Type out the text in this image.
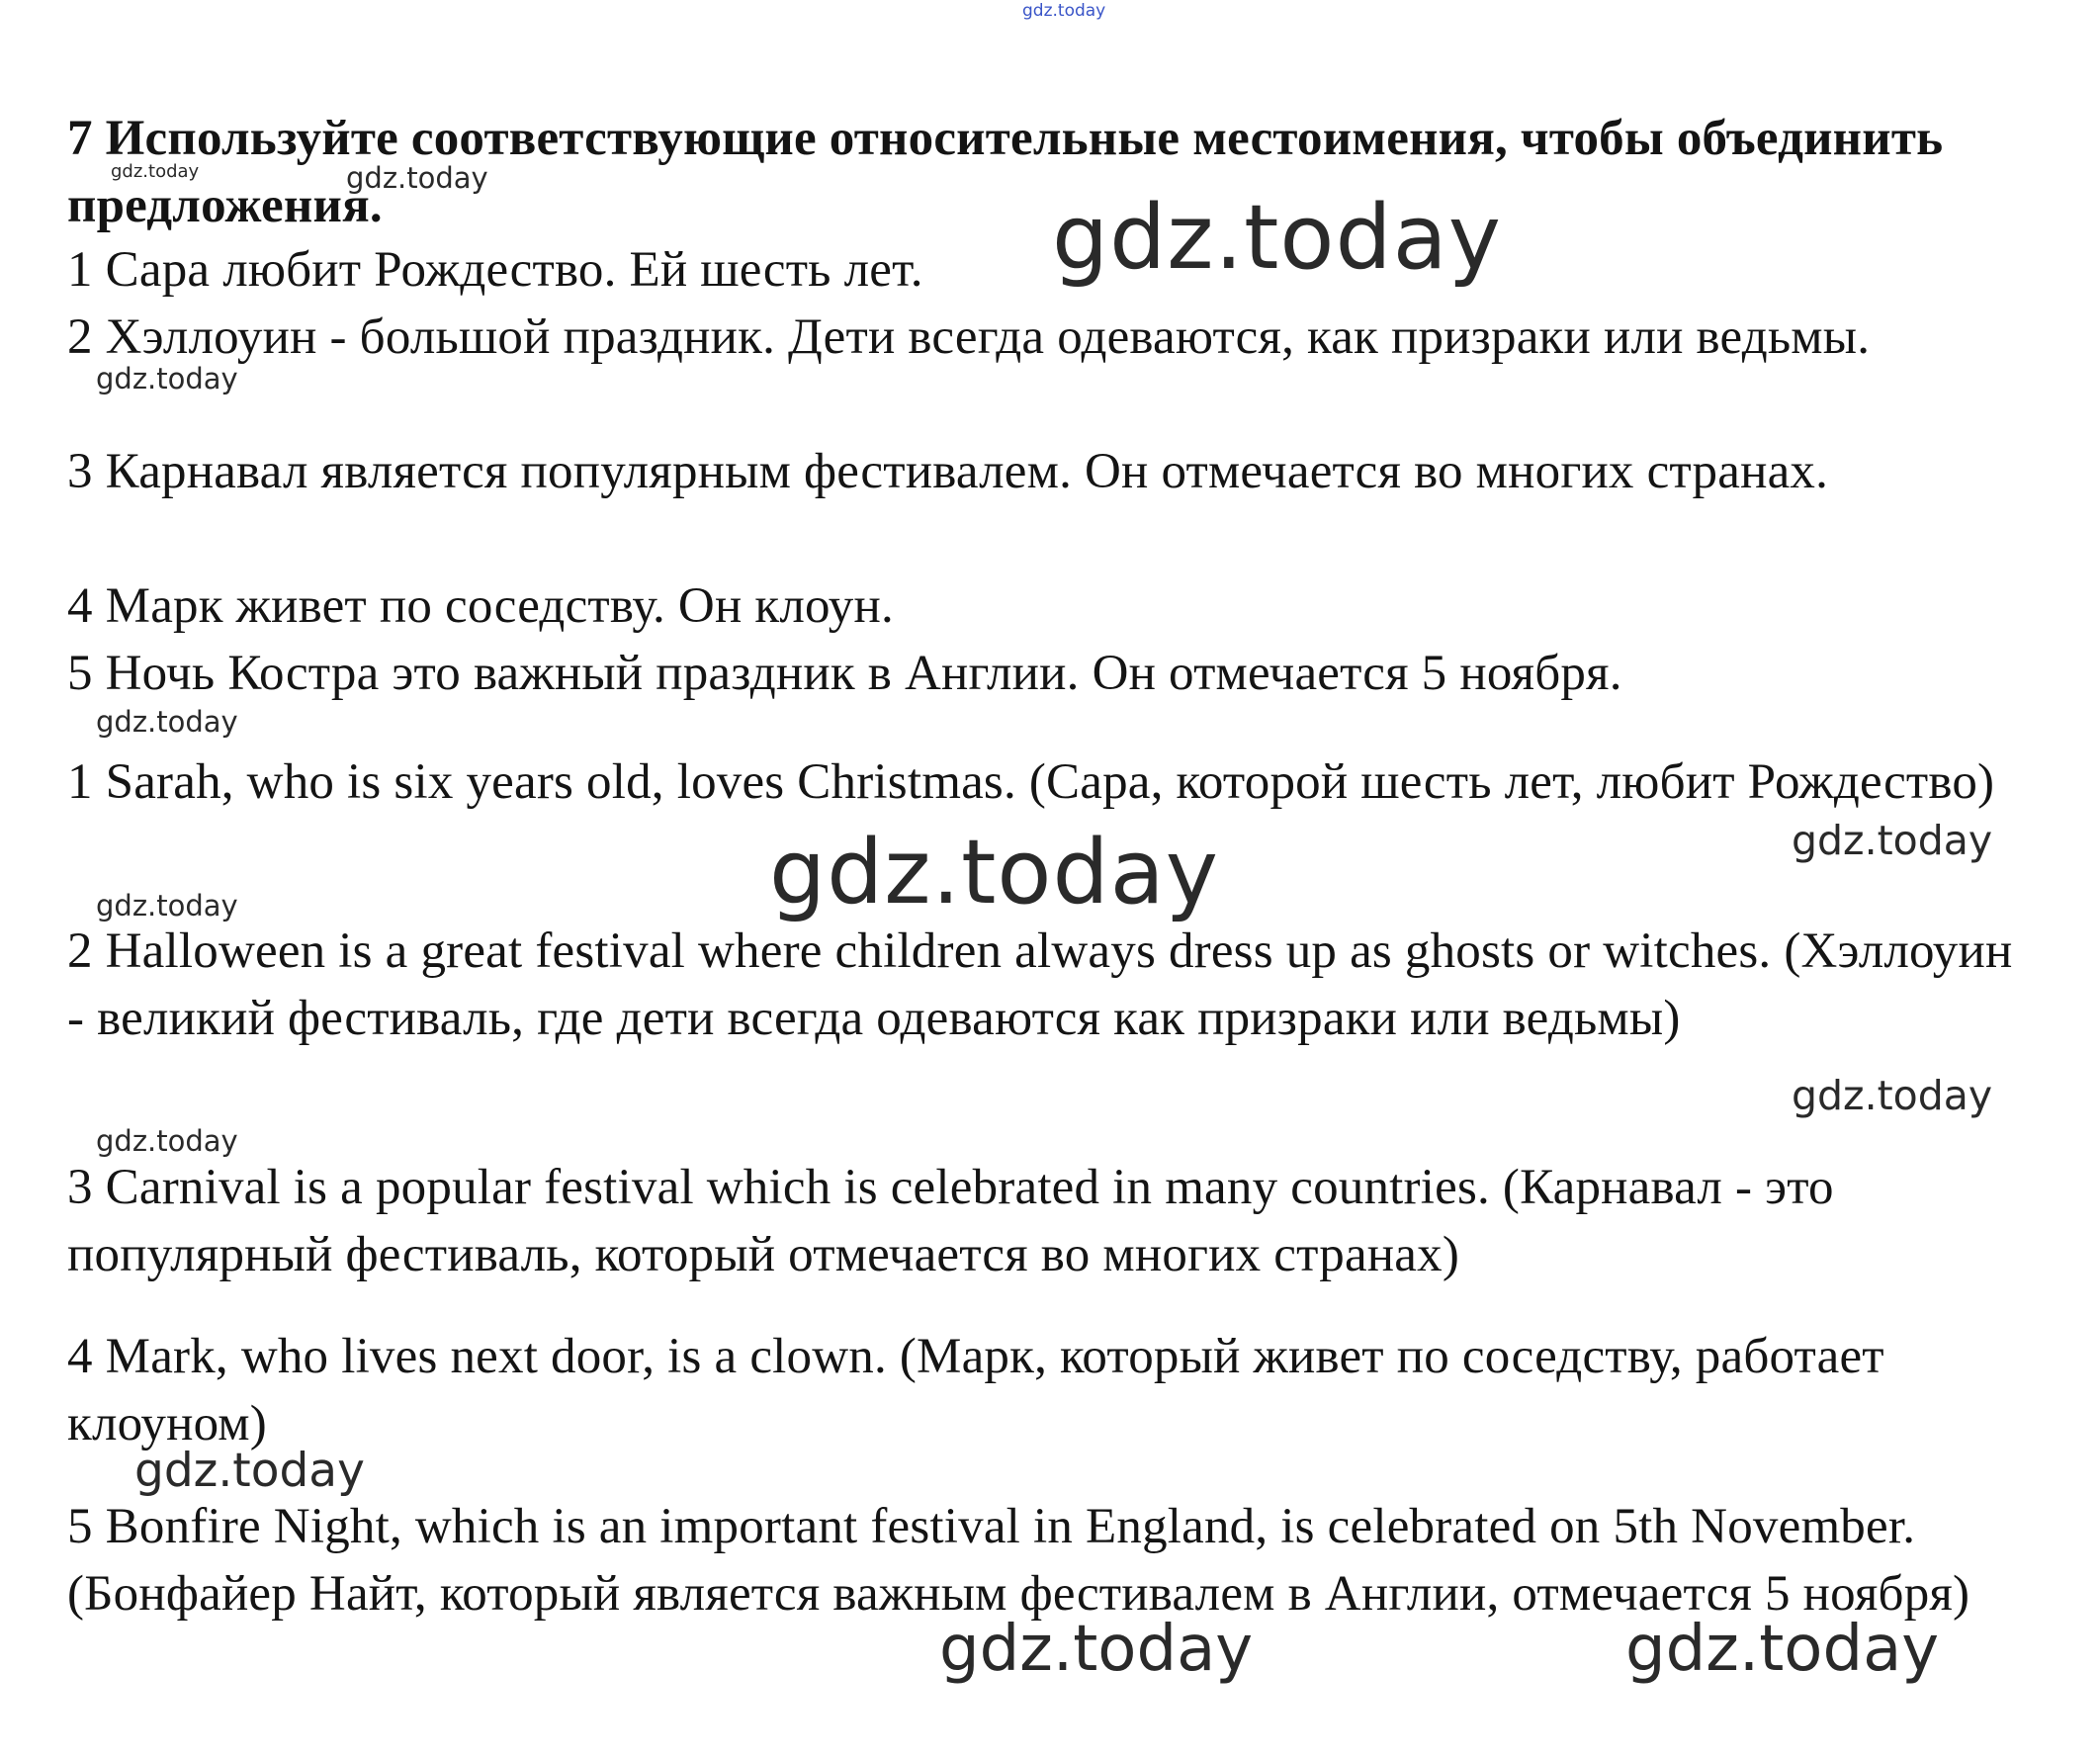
7 Используйте соответствующие относительные местоимения, чтобы объединить предложения.

1 Сара любит Рождество. Ей шесть лет.

2 Хэллоуин - большой праздник. Дети всегда одеваются, как призраки или ведьмы.

3 Карнавал является популярным фестивалем. Он отмечается во многих странах.

4 Марк живет по соседству. Он клоун.

5 Ночь Костра это важный праздник в Англии. Он отмечается 5 ноября.

1 Sarah, who is six years old, loves Christmas. (Сара, которой шесть лет, любит Рождество)

2 Halloween is a great festival where children always dress up as ghosts or witches. (Хэллоуин - великий фестиваль, где дети всегда одеваются как призраки или ведьмы)

3 Carnival is a popular festival which is celebrated in many countries. (Карнавал - это популярный фестиваль, который отмечается во многих странах)

4 Mark, who lives next door, is a clown. (Марк, который живет по соседству, работает клоуном)

5 Bonfire Night, which is an important festival in England, is celebrated on 5th November. (Бонфайер Найт, который является важным фестивалем в Англии, отмечается 5 ноября)

gdz.today
gdz.today	gdz.today
gdz.today
gdz.today
gdz.today
gdz.today
gdz.today
gdz.today
gdz.today
gdz.today
gdz.today
gdz.today	gdz.today
